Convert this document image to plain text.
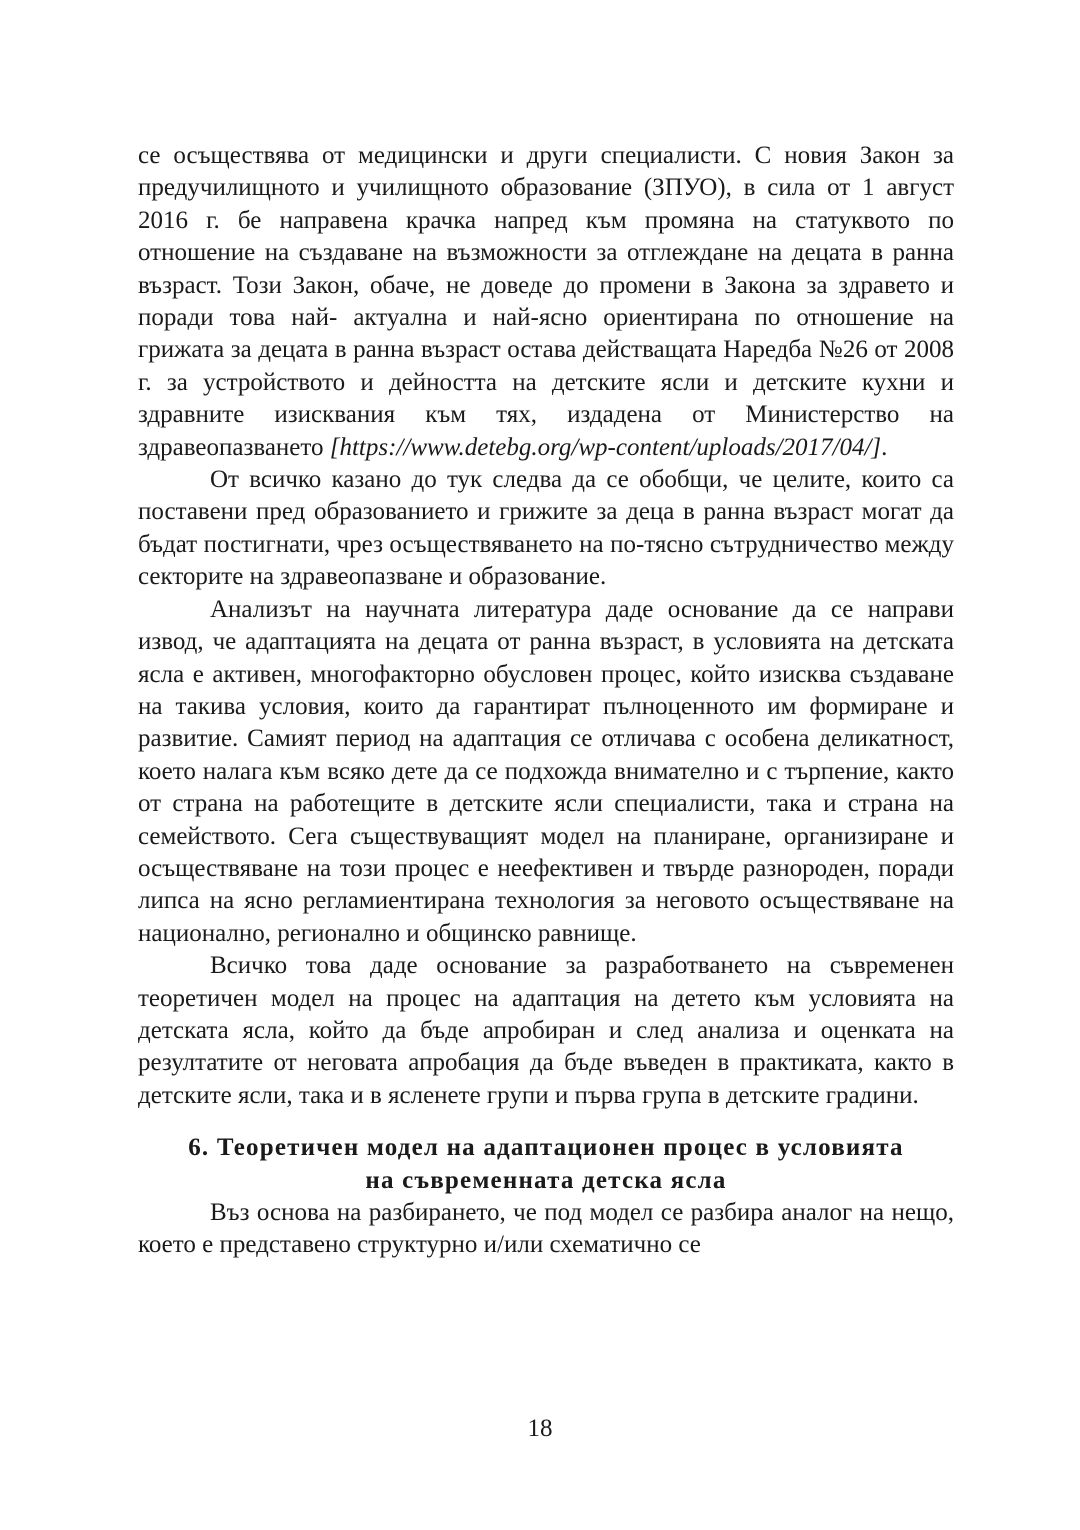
се осъществява от медицински и други специалисти. С новия Закон за предучилищното и училищното образование (ЗПУО), в сила от 1 август 2016 г. бе направена крачка напред към промяна на статуквото по отношение на създаване на възможности за отглеждане на децата в ранна възраст. Този Закон, обаче, не доведе до промени в Закона за здравето и поради това най- актуална и най-ясно ориентирана по отношение на грижата за децата в ранна възраст остава действащата Наредба №26 от 2008 г. за устройството и дейността на детските ясли и детските кухни и здравните изисквания към тях, издадена от Министерство на здравеопазването [https://www.detebg.org/wp-content/uploads/2017/04/].

От всичко казано до тук следва да се обобщи, че целите, които са поставени пред образованието и грижите за деца в ранна възраст могат да бъдат постигнати, чрез осъществяването на по-тясно сътрудничество между секторите на здравеопазване и образование.

Анализът на научната литература даде основание да се направи извод, че адаптацията на децата от ранна възраст, в условията на детската ясла е активен, многофакторно обусловен процес, който изисква създаване на такива условия, които да гарантират пълноценното им формиране и развитие. Самият период на адаптация се отличава с особена деликатност, което налага към всяко дете да се подхожда внимателно и с търпение, както от страна на работещите в детските ясли специалисти, така и страна на семейството. Сега съществуващият модел на планиране, организиране и осъществяване на този процес е неефективен и твърде разнороден, поради липса на ясно регламиентирана технология за неговото осъществяване на национално, регионално и общинско равнище.

Всичко това даде основание за разработването на съвременен теоретичен модел на процес на адаптация на детето към условията на детската ясла, който да бъде апробиран и след анализа и оценката на резултатите от неговата апробация да бъде въведен в практиката, както в детските ясли, така и в ясленете групи и първа група в детските градини.

6. Теоретичен модел на адаптационен процес в условията
на съвременната детска ясла

Въз основа на разбирането, че под модел се разбира аналог на нещо, което е представено структурно и/или схематично се

18
